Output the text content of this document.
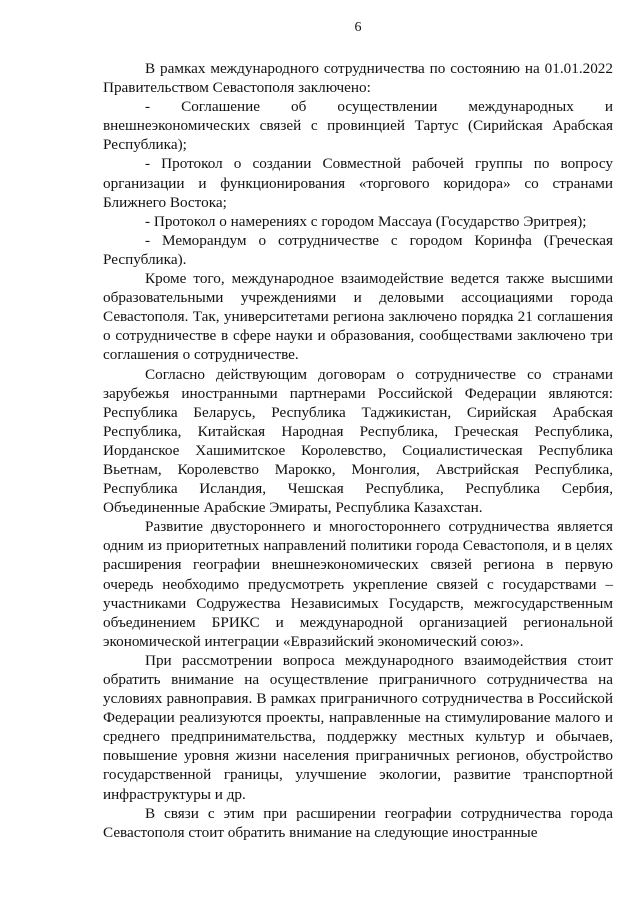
6

В рамках международного сотрудничества по состоянию на 01.01.2022 Правительством Севастополя заключено:

- Соглашение об осуществлении международных и внешнеэкономических связей с провинцией Тартус (Сирийская Арабская Республика);

- Протокол о создании Совместной рабочей группы по вопросу организации и функционирования «торгового коридора» со странами Ближнего Востока;

- Протокол о намерениях с городом Массауа (Государство Эритрея);

- Меморандум о сотрудничестве с городом Коринфа (Греческая Республика).

Кроме того, международное взаимодействие ведется также высшими образовательными учреждениями и деловыми ассоциациями города Севастополя. Так, университетами региона заключено порядка 21 соглашения о сотрудничестве в сфере науки и образования, сообществами заключено три соглашения о сотрудничестве.

Согласно действующим договорам о сотрудничестве со странами зарубежья иностранными партнерами Российской Федерации являются: Республика Беларусь, Республика Таджикистан, Сирийская Арабская Республика, Китайская Народная Республика, Греческая Республика, Иорданское Хашимитское Королевство, Социалистическая Республика Вьетнам, Королевство Марокко, Монголия, Австрийская Республика, Республика Исландия, Чешская Республика, Республика Сербия, Объединенные Арабские Эмираты, Республика Казахстан.

Развитие двустороннего и многостороннего сотрудничества является одним из приоритетных направлений политики города Севастополя, и в целях расширения географии внешнеэкономических связей региона в первую очередь необходимо предусмотреть укрепление связей с государствами – участниками Содружества Независимых Государств, межгосударственным объединением БРИКС и международной организацией региональной экономической интеграции «Евразийский экономический союз».

При рассмотрении вопроса международного взаимодействия стоит обратить внимание на осуществление приграничного сотрудничества на условиях равноправия. В рамках приграничного сотрудничества в Российской Федерации реализуются проекты, направленные на стимулирование малого и среднего предпринимательства, поддержку местных культур и обычаев, повышение уровня жизни населения приграничных регионов, обустройство государственной границы, улучшение экологии, развитие транспортной инфраструктуры и др.

В связи с этим при расширении географии сотрудничества города Севастополя стоит обратить внимание на следующие иностранные
